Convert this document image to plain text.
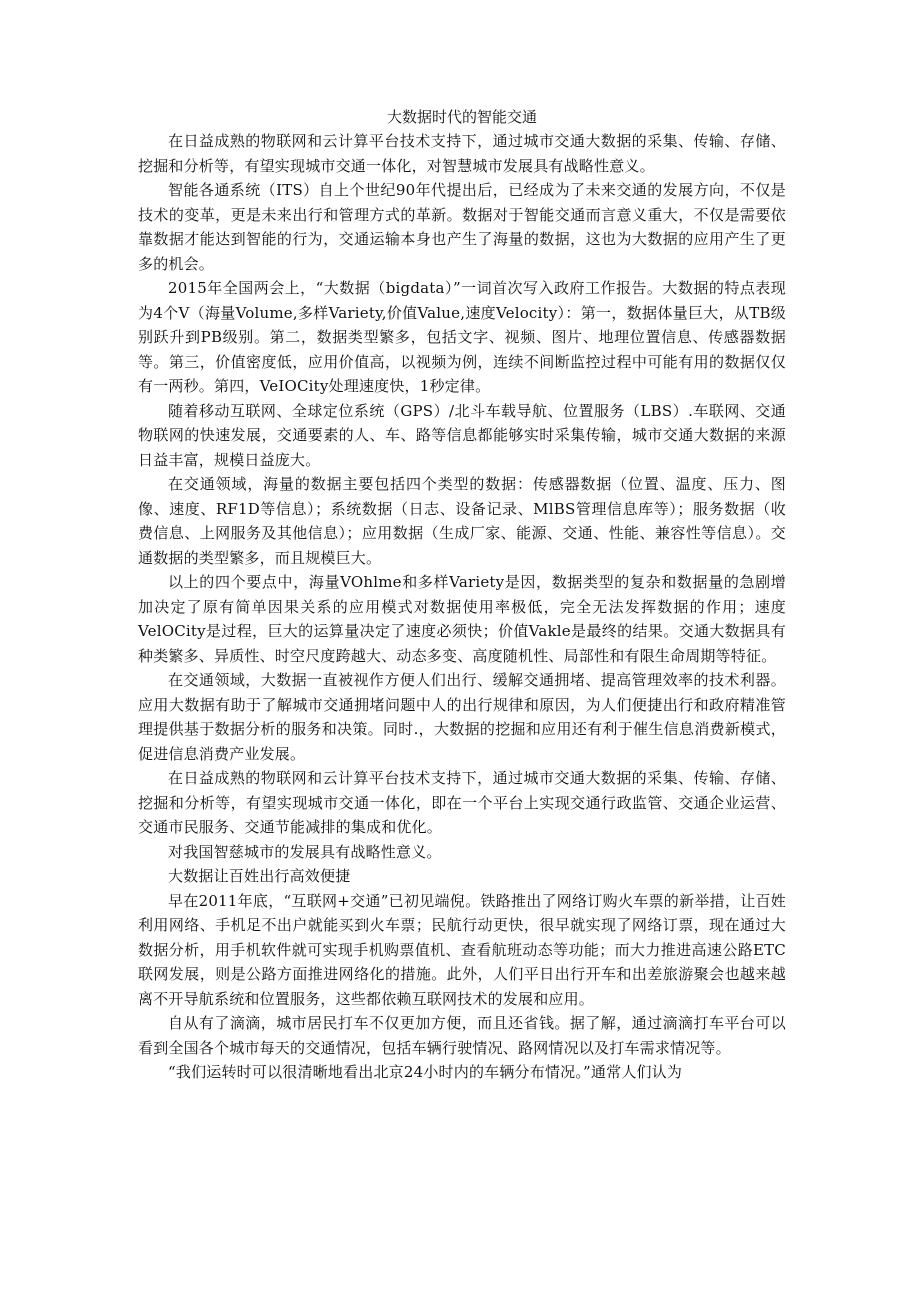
大数据时代的智能交通

在日益成熟的物联网和云计算平台技术支持下，通过城市交通大数据的采集、传输、存储、挖掘和分析等，有望实现城市交通一体化，对智慧城市发展具有战略性意义。

智能各通系统（ITS）自上个世纪90年代提出后，已经成为了未来交通的发展方向，不仅是技术的变革，更是未来出行和管理方式的革新。数据对于智能交通而言意义重大，不仅是需要依靠数据才能达到智能的行为，交通运输本身也产生了海量的数据，这也为大数据的应用产生了更多的机会。

2015年全国两会上，“大数据（bigdata）”一词首次写入政府工作报告。大数据的特点表现为4个V（海量Volume,多样Variety,价值Value,速度Velocity）：第一，数据体量巨大，从TB级别跃升到PB级别。第二，数据类型繁多，包括文字、视频、图片、地理位置信息、传感器数据等。第三，价值密度低，应用价值高，以视频为例，连续不间断监控过程中可能有用的数据仅仅有一两秒。第四，VeIOCity处理速度快，1秒定律。

随着移动互联网、全球定位系统（GPS）/北斗车载导航、位置服务（LBS）.车联网、交通物联网的快速发展，交通要素的人、车、路等信息都能够实时采集传输，城市交通大数据的来源日益丰富，规模日益庞大。

在交通领域，海量的数据主要包括四个类型的数据：传感器数据（位置、温度、压力、图像、速度、RF1D等信息）；系统数据（日志、设备记录、MlBS管理信息库等）；服务数据（收费信息、上网服务及其他信息）；应用数据（生成厂家、能源、交通、性能、兼容性等信息）。交通数据的类型繁多，而且规模巨大。

以上的四个要点中，海量VOhlme和多样Variety是因，数据类型的复杂和数据量的急剧增加决定了原有简单因果关系的应用模式对数据使用率极低，完全无法发挥数据的作用；速度VelOCity是过程，巨大的运算量决定了速度必须快；价值Vakle是最终的结果。交通大数据具有种类繁多、异质性、时空尺度跨越大、动态多变、高度随机性、局部性和有限生命周期等特征。

在交通领域，大数据一直被视作方便人们出行、缓解交通拥堵、提高管理效率的技术利器。应用大数据有助于了解城市交通拥堵问题中人的出行规律和原因，为人们便捷出行和政府精准管理提供基于数据分析的服务和决策。同时.，大数据的挖掘和应用还有利于催生信息消费新模式，促进信息消费产业发展。

在日益成熟的物联网和云计算平台技术支持下，通过城市交通大数据的采集、传输、存储、挖掘和分析等，有望实现城市交通一体化，即在一个平台上实现交通行政监管、交通企业运营、交通市民服务、交通节能减排的集成和优化。

对我国智慈城市的发展具有战略性意义。

大数据让百姓出行高效便捷

早在2011年底，“互联网+交通”已初见端倪。铁路推出了网络订购火车票的新举措，让百姓利用网络、手机足不出户就能买到火车票；民航行动更快，很早就实现了网络订票，现在通过大数据分析，用手机软件就可实现手机购票值机、查看航班动态等功能；而大力推进高速公路ETC联网发展，则是公路方面推进网络化的措施。此外，人们平日出行开车和出差旅游聚会也越来越离不开导航系统和位置服务，这些都依赖互联网技术的发展和应用。

自从有了滴滴，城市居民打车不仅更加方便，而且还省钱。据了解，通过滴滴打车平台可以看到全国各个城市每天的交通情况，包括车辆行驶情况、路网情况以及打车需求情况等。

“我们运转时可以很清晰地看出北京24小时内的车辆分布情况。”通常人们认为
